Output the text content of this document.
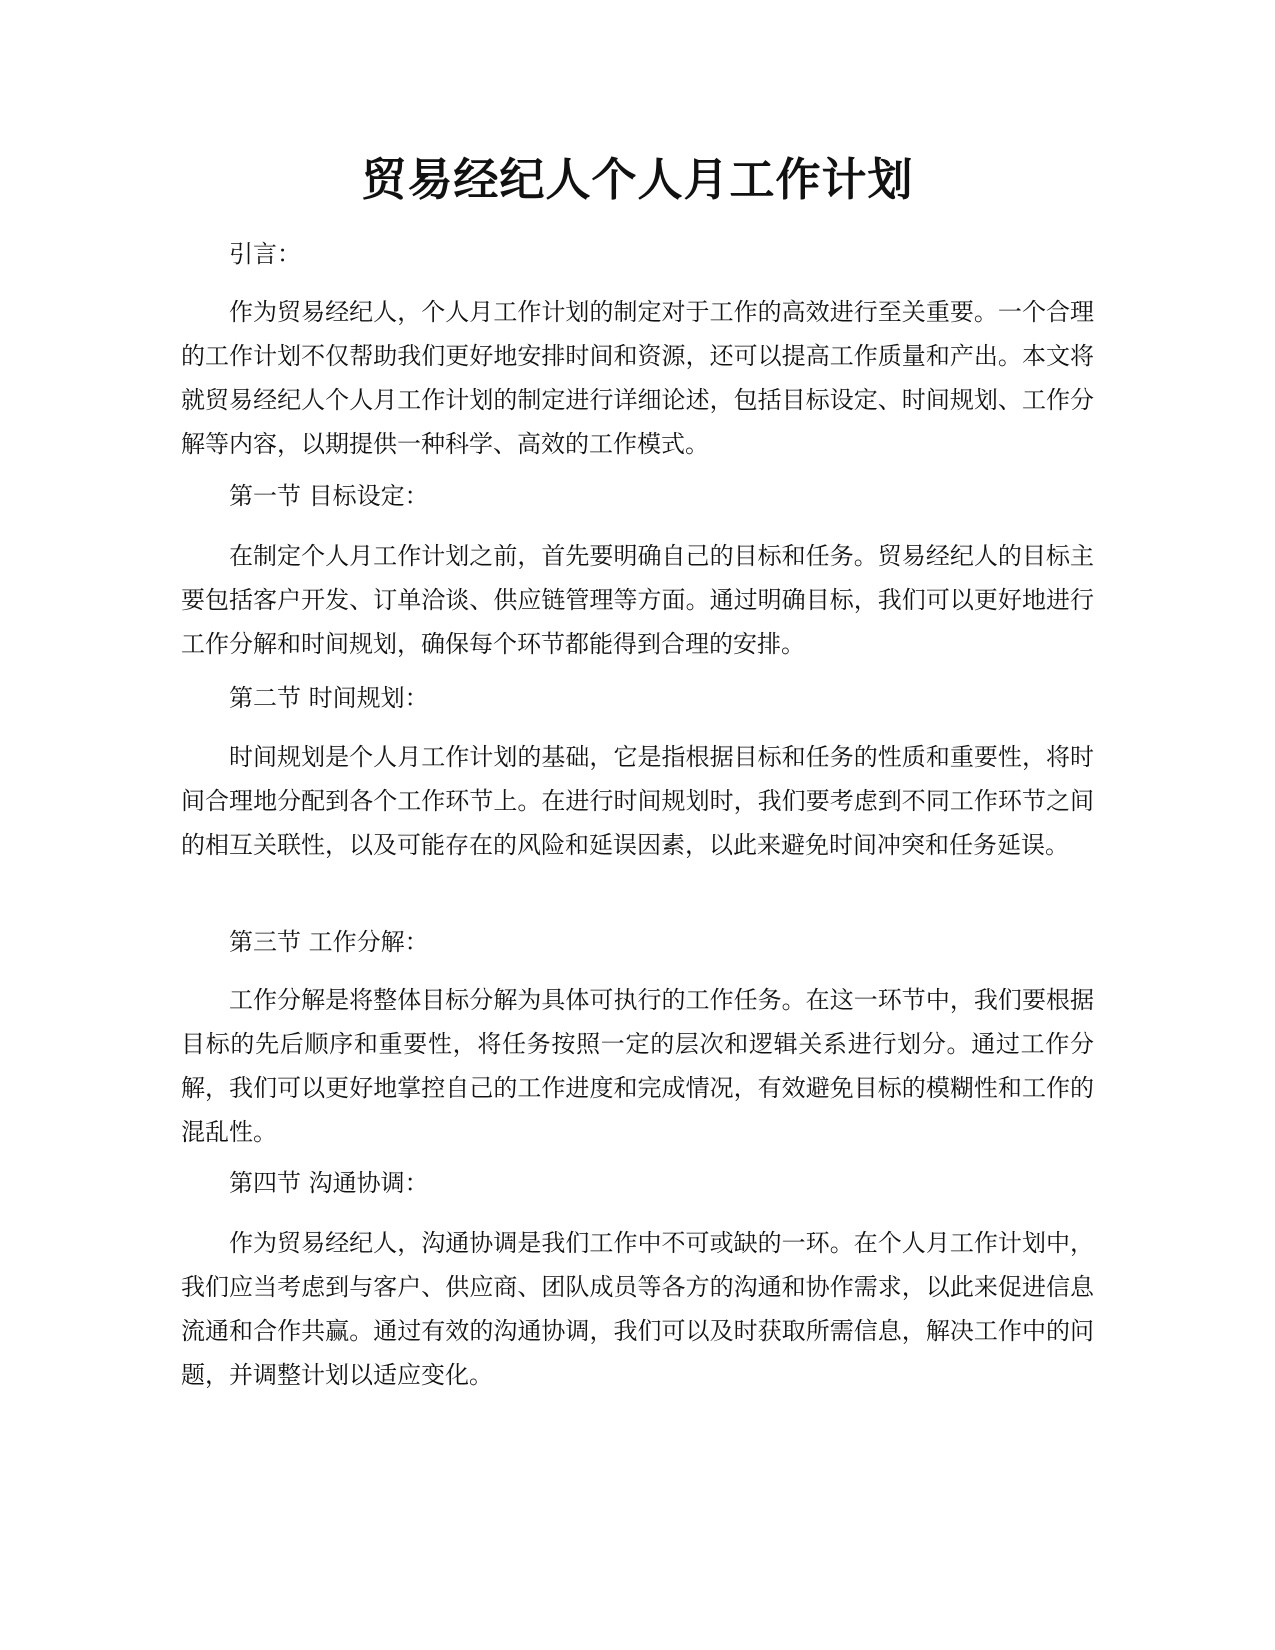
贸易经纪人个人月工作计划

引言：

作为贸易经纪人，个人月工作计划的制定对于工作的高效进行至关重要。一个合理的工作计划不仅帮助我们更好地安排时间和资源，还可以提高工作质量和产出。本文将就贸易经纪人个人月工作计划的制定进行详细论述，包括目标设定、时间规划、工作分解等内容，以期提供一种科学、高效的工作模式。

第一节 目标设定：

在制定个人月工作计划之前，首先要明确自己的目标和任务。贸易经纪人的目标主要包括客户开发、订单洽谈、供应链管理等方面。通过明确目标，我们可以更好地进行工作分解和时间规划，确保每个环节都能得到合理的安排。

第二节 时间规划：

时间规划是个人月工作计划的基础，它是指根据目标和任务的性质和重要性，将时间合理地分配到各个工作环节上。在进行时间规划时，我们要考虑到不同工作环节之间的相互关联性，以及可能存在的风险和延误因素，以此来避免时间冲突和任务延误。

第三节 工作分解：

工作分解是将整体目标分解为具体可执行的工作任务。在这一环节中，我们要根据目标的先后顺序和重要性，将任务按照一定的层次和逻辑关系进行划分。通过工作分解，我们可以更好地掌控自己的工作进度和完成情况，有效避免目标的模糊性和工作的混乱性。

第四节 沟通协调：

作为贸易经纪人，沟通协调是我们工作中不可或缺的一环。在个人月工作计划中，我们应当考虑到与客户、供应商、团队成员等各方的沟通和协作需求，以此来促进信息流通和合作共赢。通过有效的沟通协调，我们可以及时获取所需信息，解决工作中的问题，并调整计划以适应变化。
